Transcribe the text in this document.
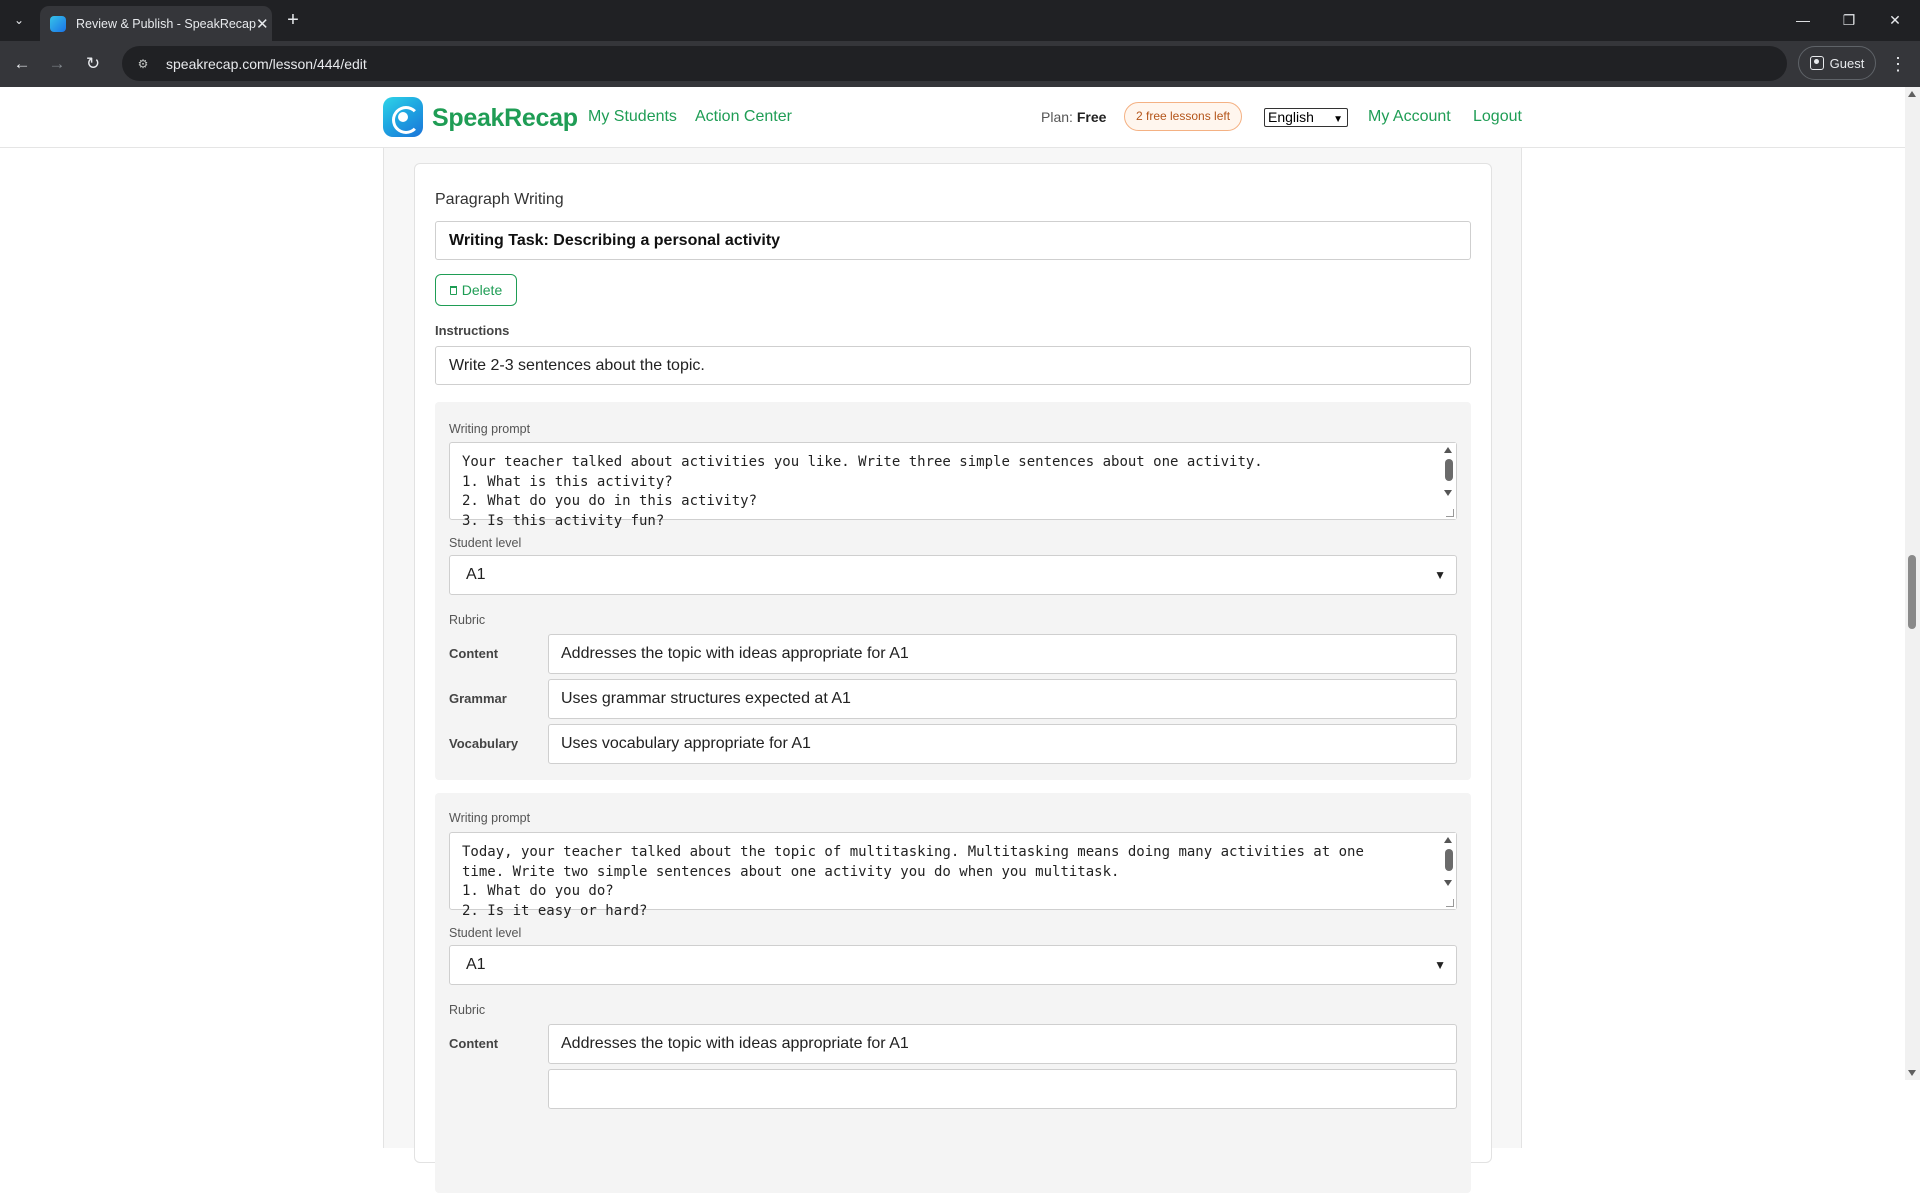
⌄	Review & Publish - SpeakRecap ✕ +	—	❐	✕
←	→	↻	⚙	speakrecap.com/lesson/444/edit	Guest ⋮
SpeakRecap My Students Action Center	Plan: Free	2 free lessons left	English ▼ My Account Logout
Paragraph Writing
Writing Task: Describing a personal activity
Delete
Instructions
Write 2-3 sentences about the topic.
Writing prompt
Your teacher talked about activities you like. Write three simple sentences about one activity.
1. What is this activity?
2. What do you do in this activity?
3. Is this activity fun?
Student level
A1	▼
Rubric
Content	Addresses the topic with ideas appropriate for A1
Grammar	Uses grammar structures expected at A1
Vocabulary	Uses vocabulary appropriate for A1
Writing prompt
Today, your teacher talked about the topic of multitasking. Multitasking means doing many activities at one time. Write two simple sentences about one activity you do when you multitask.
1. What do you do?
2. Is it easy or hard?
Student level
A1	▼
Rubric
Content	Addresses the topic with ideas appropriate for A1
